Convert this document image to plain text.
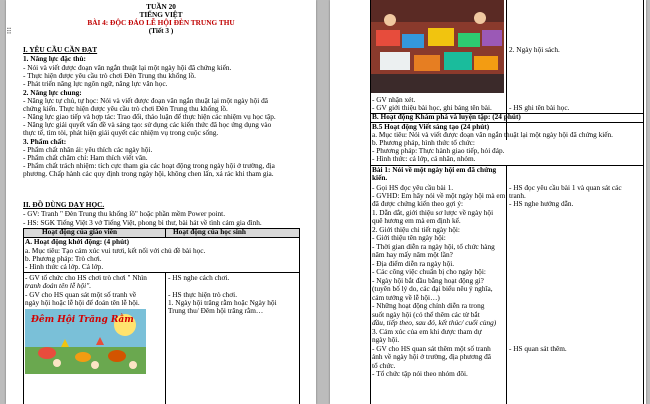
TUẦN 20
TIẾNG VIỆT
BÀI 4: ĐỘC ĐÁO LỄ HỘI ĐÈN TRUNG THU
(Tiết 3 )
I. YÊU CẦU CẦN ĐẠT
1. Năng lực đặc thù:
- Nói và viết được đoạn văn ngắn thuật lại một ngày hội đã chứng kiến.
- Thực hiện được yêu cầu trò chơi Đèn Trung thu khổng lồ.
- Phát triển năng lực ngôn ngữ, năng lực văn học.
2. Năng lực chung:
- Năng lực tự chủ, tự học: Nói và viết được đoạn văn ngắn thuật lại một ngày hội đã
chứng kiến. Thực hiện được yêu cầu trò chơi Đèn Trung thu khổng lồ.
- Năng lực giao tiếp và hợp tác: Trao đổi, thảo luận để thực hiện các nhiệm vụ học tập.
- Năng lực giải quyết vấn đề và sáng tạo: sử dụng các kiến thức đã học ứng dụng vào
thực tế, tìm tòi, phát hiện giải quyết các nhiệm vụ trong cuộc sống.
3. Phẩm chất:
- Phẩm chất nhân ái: yêu thích các ngày hội.
- Phẩm chất chăm chỉ: Ham thích viết văn.
- Phẩm chất trách nhiệm: tích cực tham gia các hoạt động trong ngày hội ở trường, địa
phương. Chấp hành các quy định trong ngày hội, không chen lấn, xả rác khi tham gia.
II. ĐỒ DÙNG DẠY HỌC.
- GV: Tranh " Đèn Trung thu khổng lồ" hoặc phần mềm Power point.
- HS: SGK Tiếng Việt 3 vở Tiếng Việt, phong bì thư, bài hát về tình cảm gia đình.
Hoạt động của giáo viên	Hoạt động của học sinh
A. Hoạt động khởi động: (4 phút)
a. Mục tiêu: Tạo cảm xúc vui tươi, kết nối với chủ đề bài học.
b. Phương pháp: Trò chơi.
- Hình thức cả lớp. Cả lớp.
- GV tổ chức cho HS chơi trò chơi " Nhìn
tranh đoán tên lễ hội".
- GV cho HS quan sát một số tranh về
ngày hội hoặc lễ hội để đoán tên lễ hội.
- HS nghe cách chơi.
- HS thực hiện trò chơi.
1. Ngày hội trăng rằm hoặc Ngày hội
Trung thu/ Đêm hội trăng rằm…
Đêm Hội Trăng Rằm
⠿
2. Ngày hội sách.
- GV nhận xét.
- GV giới thiệu bài học, ghi bảng tên bài. - HS ghi tên bài học.
B. Hoạt động Khám phá và luyện tập: (24 phút)
B.5 Hoạt động Viết sáng tạo (24 phút)
a. Mục tiêu: Nói và viết được đoạn văn ngắn thuật lại một ngày hội đã chứng kiến.
b. Phương pháp, hình thức tổ chức:
- Phương pháp: Thực hành giao tiếp, hỏi đáp.
- Hình thức: cả lớp, cá nhân, nhóm.
Bài 1: Nói về một ngày hội em đã chứng
kiến.
- Gọi HS đọc yêu cầu bài 1.
- GVHD: Em hãy nói về một ngày hội mà em
đã được chứng kiến theo gợi ý:
1. Dẫn dắt, giới thiệu sơ lược về ngày hội
quê hương em mà em định kể.
2. Giới thiệu chi tiết ngày hội:
- Giới thiệu tên ngày hội:
- Thời gian diễn ra ngày hội, tổ chức hàng
năm hay mấy năm một lần?
- Địa điểm diễn ra ngày hội.
- Các công việc chuẩn bị cho ngày hội:
- Ngày hội bắt đầu bằng hoạt động gì?
(tuyên bố lý do, các đại biểu nêu ý nghĩa,
cảm tưởng về lễ hội…)
- Những hoạt động chính diễn ra trong
suốt ngày hội (có thể thêm các từ bắt
đầu, tiếp theo, sau đó, kết thúc/ cuối cùng)
3. Cảm xúc của em khi được tham dự
ngày hội.
- GV cho HS quan sát thêm một số tranh
ảnh về ngày hội ở trường, địa phương đã
tổ chức.
- Tổ chức tập nói theo nhóm đôi.
- HS đọc yêu cầu bài 1 và quan sát các
tranh.
- HS nghe hướng dẫn.
- HS quan sát thêm.
